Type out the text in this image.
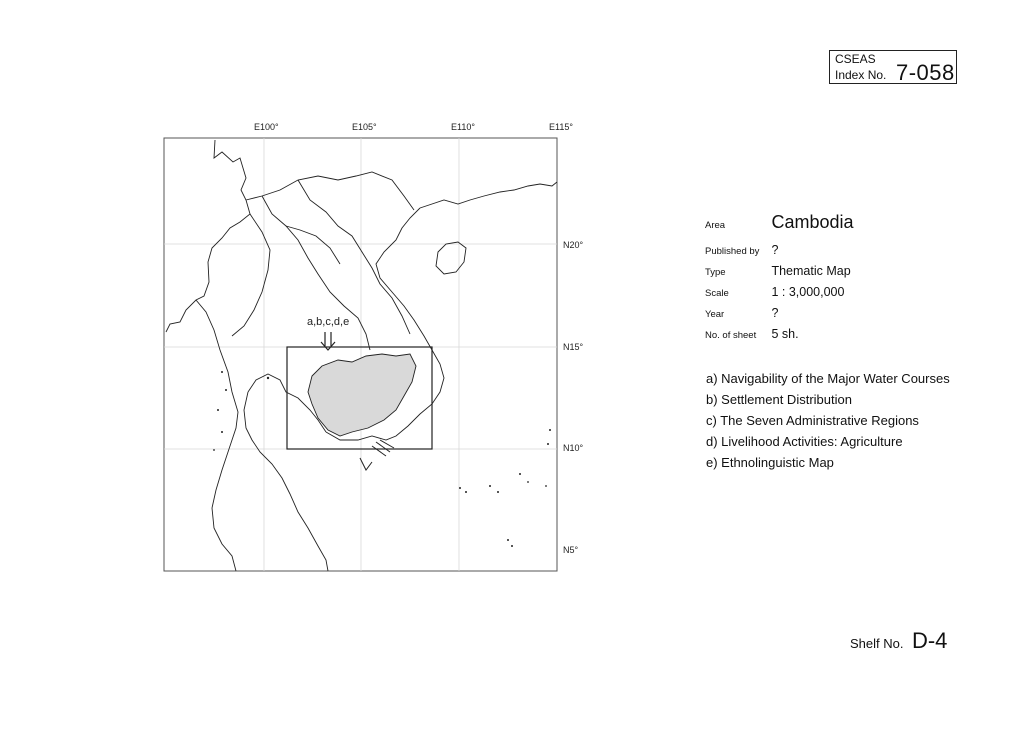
CSEAS
Index No. 7-058
E100°	E105°	E110°	E115°
N20°
N15°
N10°
N5°
a,b,c,d,e
Area	Cambodia
Published by ?
Type	Thematic Map
Scale	1 : 3,000,000
Year	?
No. of sheet 5 sh.
a) Navigability of the Major Water Courses
b) Settlement Distribution
c) The Seven Administrative Regions
d) Livelihood Activities: Agriculture
e) Ethnolinguistic Map
Shelf No. D-4
